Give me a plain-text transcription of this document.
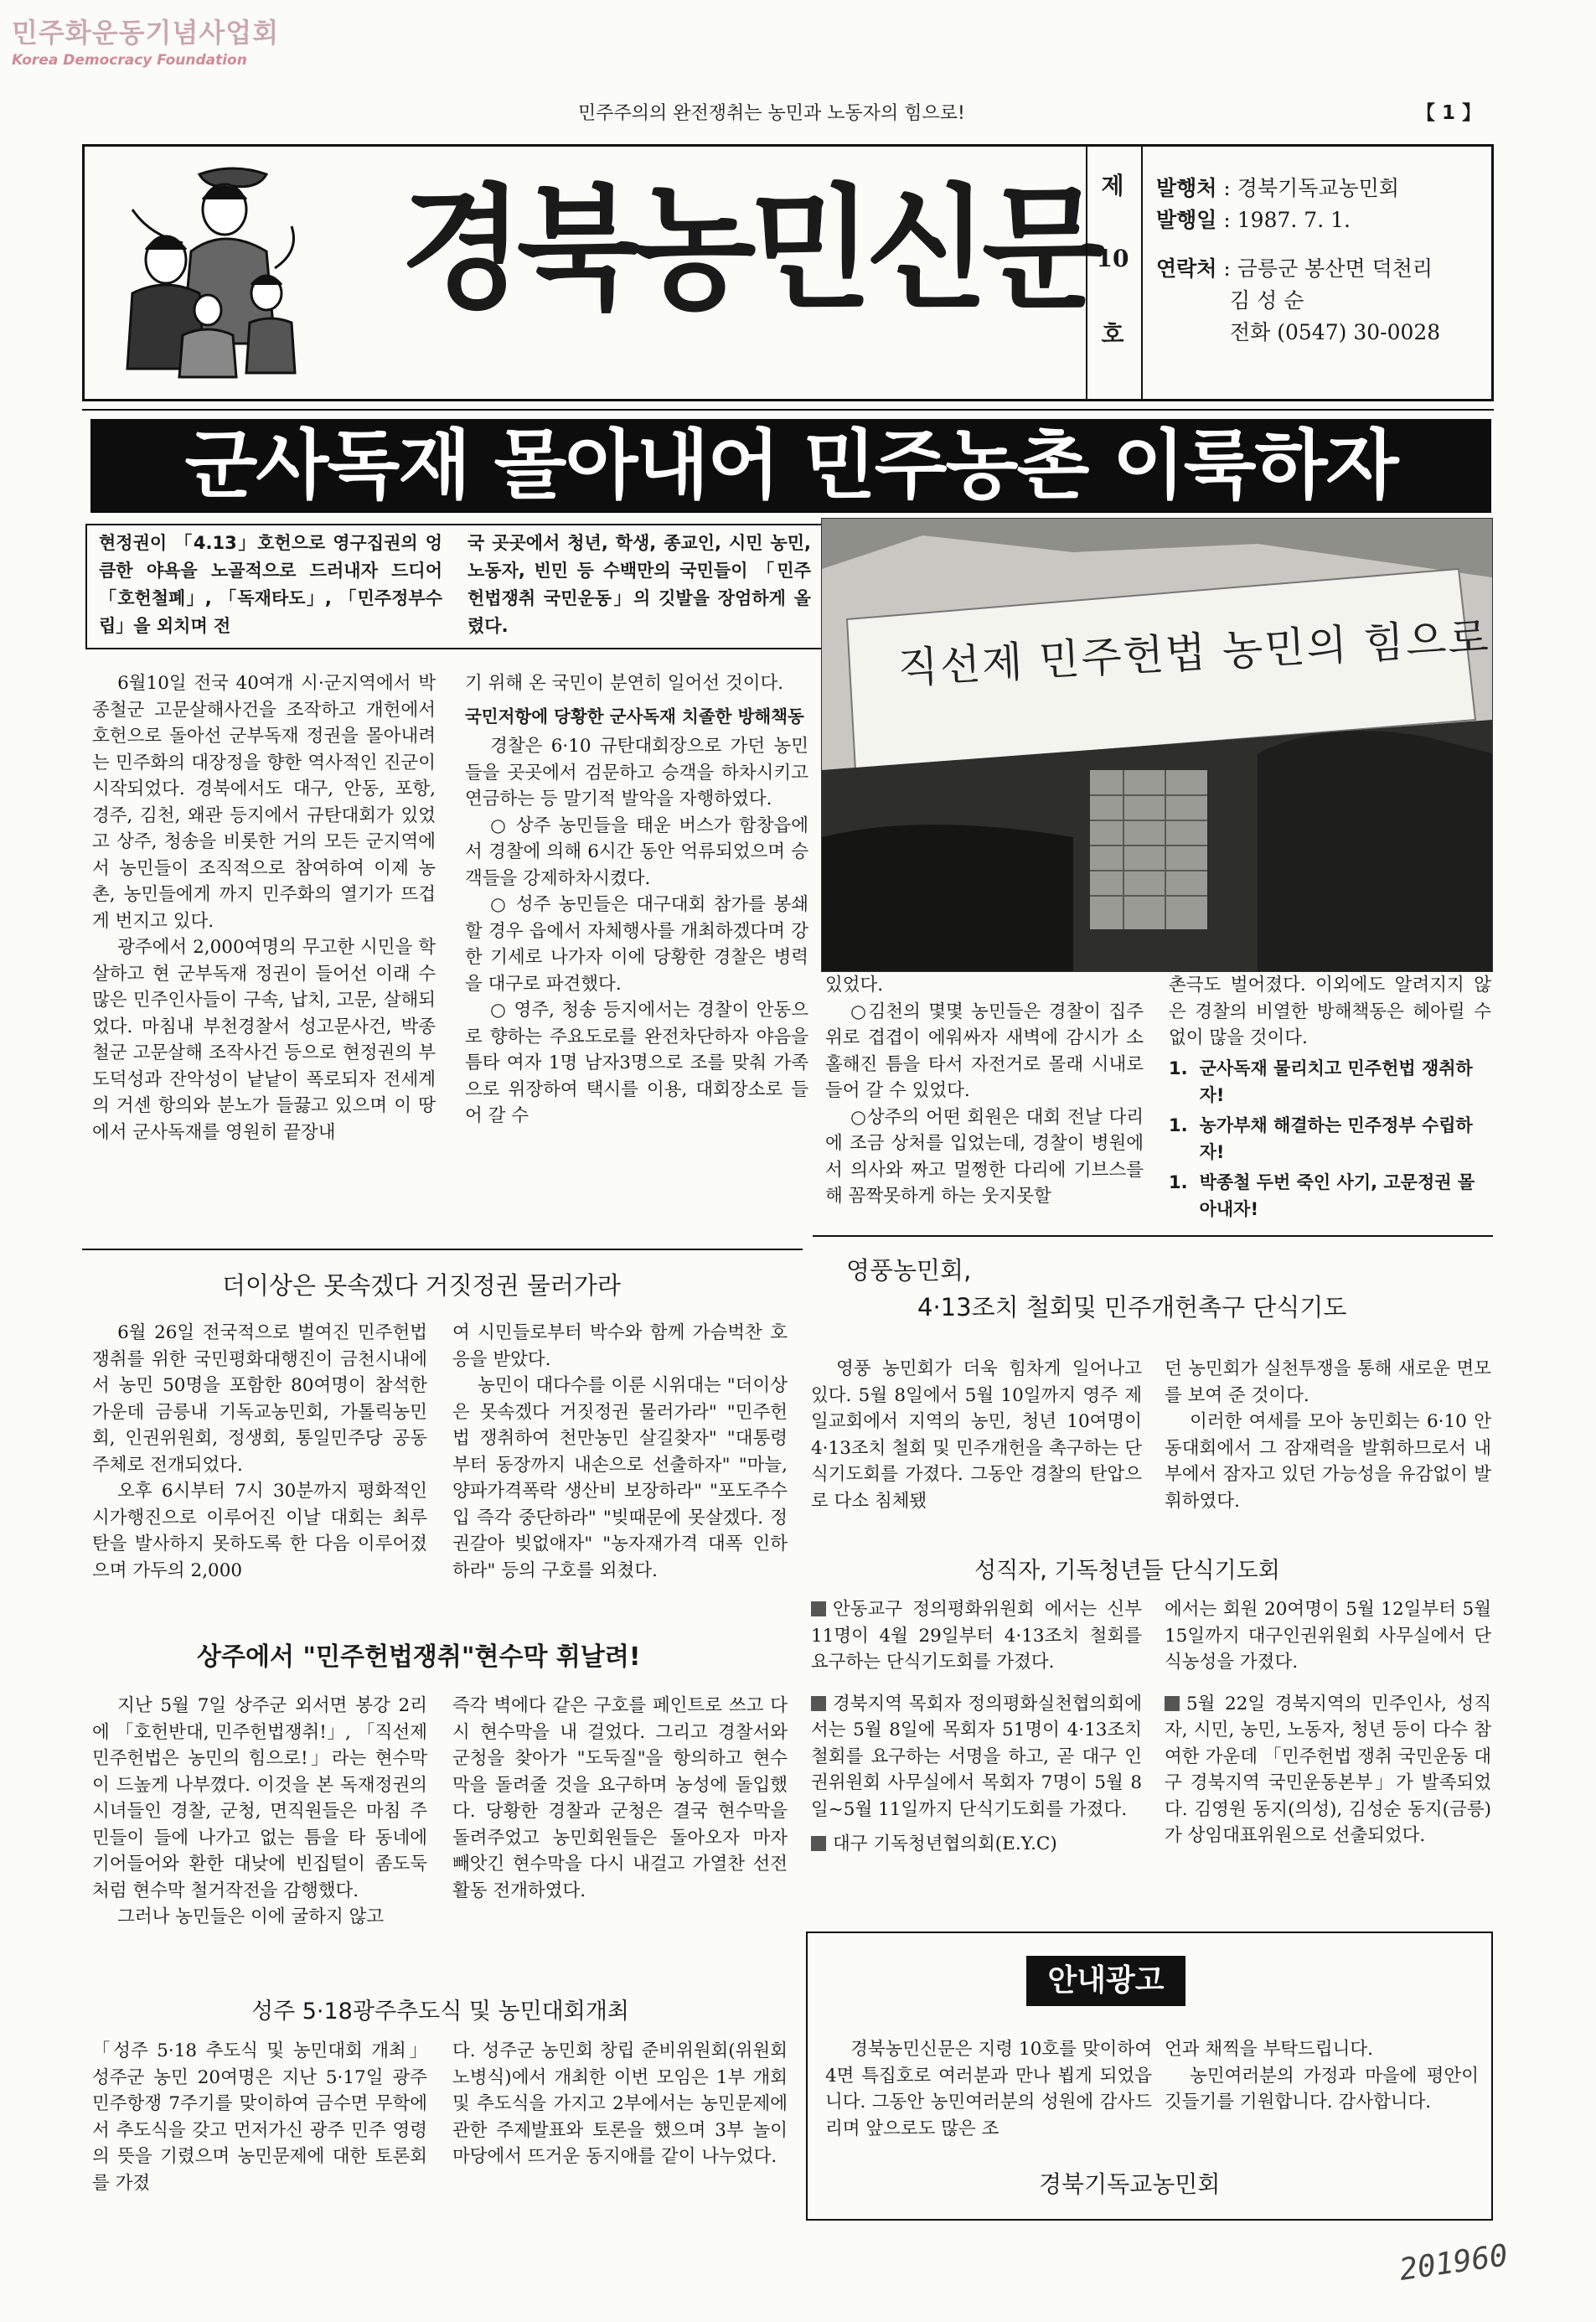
민주화운동기념사업회
Korea Democracy Foundation
민주주의의 완전쟁취는 농민과 노동자의 힘으로!	【 1 】
경북농민신문 제
10
호
발행처 : 경북기독교농민회
발행일 : 1987. 7. 1.
연락처 : 금릉군 봉산면 덕천리
김 성 순
전화 (0547) 30-0028
군사독재 몰아내어 민주농촌 이룩하자

현정권이 「4.13」호헌으로 영구집권의 엉큼한 야욕을 노골적으로 드러내자 드디어 「호헌철폐」, 「독재타도」, 「민주정부수립」을 외치며 전

국 곳곳에서 청년, 학생, 종교인, 시민 농민, 노동자, 빈민 등 수백만의 국민들이 「민주헌법쟁취 국민운동」의 깃발을 장엄하게 올렸다.

6월10일 전국 40여개 시·군지역에서 박종철군 고문살해사건을 조작하고 개헌에서 호헌으로 돌아선 군부독재 정권을 몰아내려는 민주화의 대장정을 향한 역사적인 진군이 시작되었다. 경북에서도 대구, 안동, 포항, 경주, 김천, 왜관 등지에서 규탄대회가 있었고 상주, 청송을 비롯한 거의 모든 군지역에서 농민들이 조직적으로 참여하여 이제 농촌, 농민들에게 까지 민주화의 열기가 뜨겁게 번지고 있다.

광주에서 2,000여명의 무고한 시민을 학살하고 현 군부독재 정권이 들어선 이래 수 많은 민주인사들이 구속, 납치, 고문, 살해되었다. 마침내 부천경찰서 성고문사건, 박종철군 고문살해 조작사건 등으로 현정권의 부도덕성과 잔악성이 낱낱이 폭로되자 전세계의 거센 항의와 분노가 들끓고 있으며 이 땅에서 군사독재를 영원히 끝장내

기 위해 온 국민이 분연히 일어선 것이다.

국민저항에 당황한 군사독재 치졸한 방해책동

경찰은 6·10 규탄대회장으로 가던 농민들을 곳곳에서 검문하고 승객을 하차시키고 연금하는 등 말기적 발악을 자행하였다.

○ 상주 농민들을 태운 버스가 함창읍에서 경찰에 의해 6시간 동안 억류되었으며 승객들을 강제하차시켰다.

○ 성주 농민들은 대구대회 참가를 봉쇄할 경우 읍에서 자체행사를 개최하겠다며 강한 기세로 나가자 이에 당황한 경찰은 병력을 대구로 파견했다.

○ 영주, 청송 등지에서는 경찰이 안동으로 향하는 주요도로를 완전차단하자 야음을 틈타 여자 1명 남자3명으로 조를 맞춰 가족으로 위장하여 택시를 이용, 대회장소로 들어 갈 수

직선제 민주헌법 농민의 힘으로

있었다.

○김천의 몇몇 농민들은 경찰이 집주위로 겹겹이 에워싸자 새벽에 감시가 소홀해진 틈을 타서 자전거로 몰래 시내로 들어 갈 수 있었다.

○상주의 어떤 회원은 대회 전날 다리에 조금 상처를 입었는데, 경찰이 병원에서 의사와 짜고 멀쩡한 다리에 기브스를 해 꼼짝못하게 하는 웃지못할

촌극도 벌어졌다. 이외에도 알려지지 않은 경찰의 비열한 방해책동은 헤아릴 수 없이 많을 것이다.

1. 군사독재 물리치고 민주헌법 쟁취하자!
1. 농가부채 해결하는 민주정부 수립하자!
1. 박종철 두번 죽인 사기, 고문정권 몰아내자!
더이상은 못속겠다 거짓정권 물러가라

6월 26일 전국적으로 벌여진 민주헌법쟁취를 위한 국민평화대행진이 금천시내에서 농민 50명을 포함한 80여명이 참석한 가운데 금릉내 기독교농민회, 가톨릭농민회, 인권위원회, 정생회, 통일민주당 공동주체로 전개되었다.

오후 6시부터 7시 30분까지 평화적인 시가행진으로 이루어진 이날 대회는 최루탄을 발사하지 못하도록 한 다음 이루어졌으며 가두의 2,000

여 시민들로부터 박수와 함께 가슴벅찬 호응을 받았다.

농민이 대다수를 이룬 시위대는 "더이상은 못속겠다 거짓정권 물러가라" "민주헌법 쟁취하여 천만농민 살길찾자" "대통령부터 동장까지 내손으로 선출하자" "마늘, 양파가격폭락 생산비 보장하라" "포도주수입 즉각 중단하라" "빚때문에 못살겠다. 정권갈아 빚없애자" "농자재가격 대폭 인하하라" 등의 구호를 외쳤다.

상주에서 "민주헌법쟁취"현수막 휘날려!

지난 5월 7일 상주군 외서면 봉강 2리에 「호헌반대, 민주헌법쟁취!」, 「직선제 민주헌법은 농민의 힘으로!」라는 현수막이 드높게 나부꼈다. 이것을 본 독재정권의 시녀들인 경찰, 군청, 면직원들은 마침 주민들이 들에 나가고 없는 틈을 타 동네에 기어들어와 환한 대낮에 빈집털이 좀도둑처럼 현수막 철거작전을 감행했다.

그러나 농민들은 이에 굴하지 않고

즉각 벽에다 같은 구호를 페인트로 쓰고 다시 현수막을 내 걸었다. 그리고 경찰서와 군청을 찾아가 "도둑질"을 항의하고 현수막을 돌려줄 것을 요구하며 농성에 돌입했다. 당황한 경찰과 군청은 결국 현수막을 돌려주었고 농민회원들은 돌아오자 마자 빼앗긴 현수막을 다시 내걸고 가열찬 선전활동 전개하였다.

성주 5·18광주추도식 및 농민대회개최

「성주 5·18 추도식 및 농민대회 개최」 성주군 농민 20여명은 지난 5·17일 광주 민주항쟁 7주기를 맞이하여 금수면 무학에서 추도식을 갖고 먼저가신 광주 민주 영령의 뜻을 기렸으며 농민문제에 대한 토론회를 가졌

다. 성주군 농민회 창립 준비위원회(위원회 노병식)에서 개최한 이번 모임은 1부 개회 및 추도식을 가지고 2부에서는 농민문제에 관한 주제발표와 토론을 했으며 3부 놀이마당에서 뜨거운 동지애를 같이 나누었다.

영풍농민회,
4·13조치 철회및 민주개헌촉구 단식기도

영풍 농민회가 더욱 힘차게 일어나고 있다. 5월 8일에서 5월 10일까지 영주 제일교회에서 지역의 농민, 청년 10여명이 4·13조치 철회 및 민주개헌을 촉구하는 단식기도회를 가졌다. 그동안 경찰의 탄압으로 다소 침체됐

던 농민회가 실천투쟁을 통해 새로운 면모를 보여 준 것이다.

이러한 여세를 모아 농민회는 6·10 안동대회에서 그 잠재력을 발휘하므로서 내부에서 잠자고 있던 가능성을 유감없이 발휘하였다.

성직자, 기독청년들 단식기도회

안동교구 정의평화위원회 에서는 신부 11명이 4월 29일부터 4·13조치 철회를 요구하는 단식기도회를 가졌다.

경북지역 목회자 정의평화실천협의회에서는 5월 8일에 목회자 51명이 4·13조치철회를 요구하는 서명을 하고, 곧 대구 인권위원회 사무실에서 목회자 7명이 5월 8일~5월 11일까지 단식기도회를 가졌다.

대구 기독청년협의회(E.Y.C)

에서는 회원 20여명이 5월 12일부터 5월 15일까지 대구인권위원회 사무실에서 단식농성을 가졌다.

5월 22일 경북지역의 민주인사, 성직자, 시민, 농민, 노동자, 청년 등이 다수 참여한 가운데 「민주헌법 쟁취 국민운동 대구 경북지역 국민운동본부」가 발족되었다. 김영원 동지(의성), 김성순 동지(금릉)가 상임대표위원으로 선출되었다.

안내광고

경북농민신문은 지령 10호를 맞이하여 4면 특집호로 여러분과 만나 뵙게 되었읍니다. 그동안 농민여러분의 성원에 감사드리며 앞으로도 많은 조

언과 채찍을 부탁드립니다.

농민여러분의 가정과 마을에 평안이 깃들기를 기원합니다. 감사합니다.

경북기독교농민회
201960
